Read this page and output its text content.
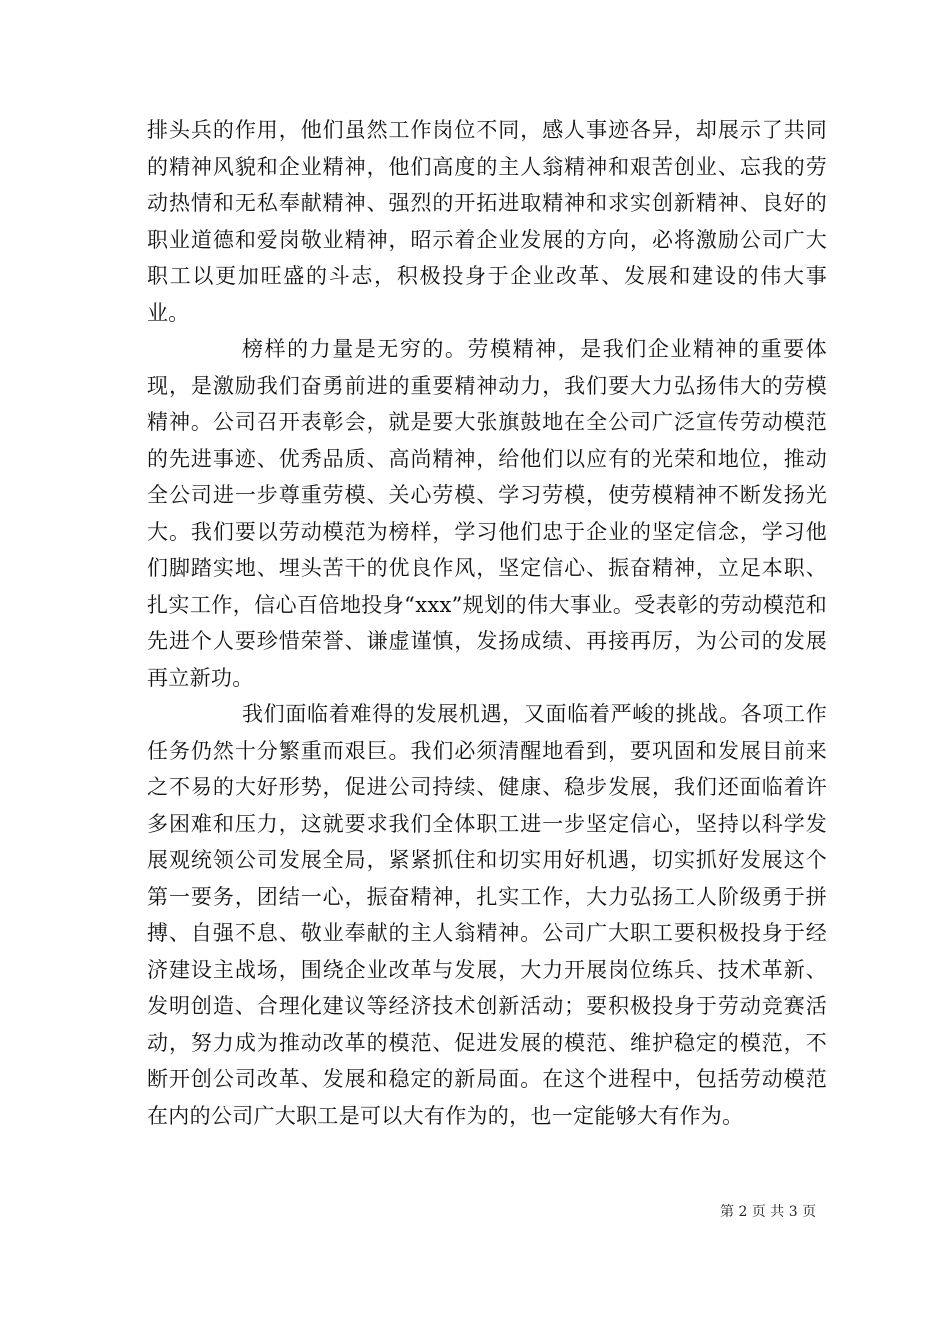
排头兵的作用，他们虽然工作岗位不同，感人事迹各异，却展示了共同的精神风貌和企业精神，他们高度的主人翁精神和艰苦创业、忘我的劳动热情和无私奉献精神、强烈的开拓进取精神和求实创新精神、良好的职业道德和爱岗敬业精神，昭示着企业发展的方向，必将激励公司广大职工以更加旺盛的斗志，积极投身于企业改革、发展和建设的伟大事业。

榜样的力量是无穷的。劳模精神，是我们企业精神的重要体现，是激励我们奋勇前进的重要精神动力，我们要大力弘扬伟大的劳模精神。公司召开表彰会，就是要大张旗鼓地在全公司广泛宣传劳动模范的先进事迹、优秀品质、高尚精神，给他们以应有的光荣和地位，推动全公司进一步尊重劳模、关心劳模、学习劳模，使劳模精神不断发扬光大。我们要以劳动模范为榜样，学习他们忠于企业的坚定信念，学习他们脚踏实地、埋头苦干的优良作风，坚定信心、振奋精神，立足本职、扎实工作，信心百倍地投身“xxx”规划的伟大事业。受表彰的劳动模范和先进个人要珍惜荣誉、谦虚谨慎，发扬成绩、再接再厉，为公司的发展再立新功。

我们面临着难得的发展机遇，又面临着严峻的挑战。各项工作任务仍然十分繁重而艰巨。我们必须清醒地看到，要巩固和发展目前来之不易的大好形势，促进公司持续、健康、稳步发展，我们还面临着许多困难和压力，这就要求我们全体职工进一步坚定信心，坚持以科学发展观统领公司发展全局，紧紧抓住和切实用好机遇，切实抓好发展这个第一要务，团结一心，振奋精神，扎实工作，大力弘扬工人阶级勇于拼搏、自强不息、敬业奉献的主人翁精神。公司广大职工要积极投身于经济建设主战场，围绕企业改革与发展，大力开展岗位练兵、技术革新、发明创造、合理化建议等经济技术创新活动；要积极投身于劳动竞赛活动，努力成为推动改革的模范、促进发展的模范、维护稳定的模范，不断开创公司改革、发展和稳定的新局面。在这个进程中，包括劳动模范在内的公司广大职工是可以大有作为的，也一定能够大有作为。

第 2 页 共 3 页
